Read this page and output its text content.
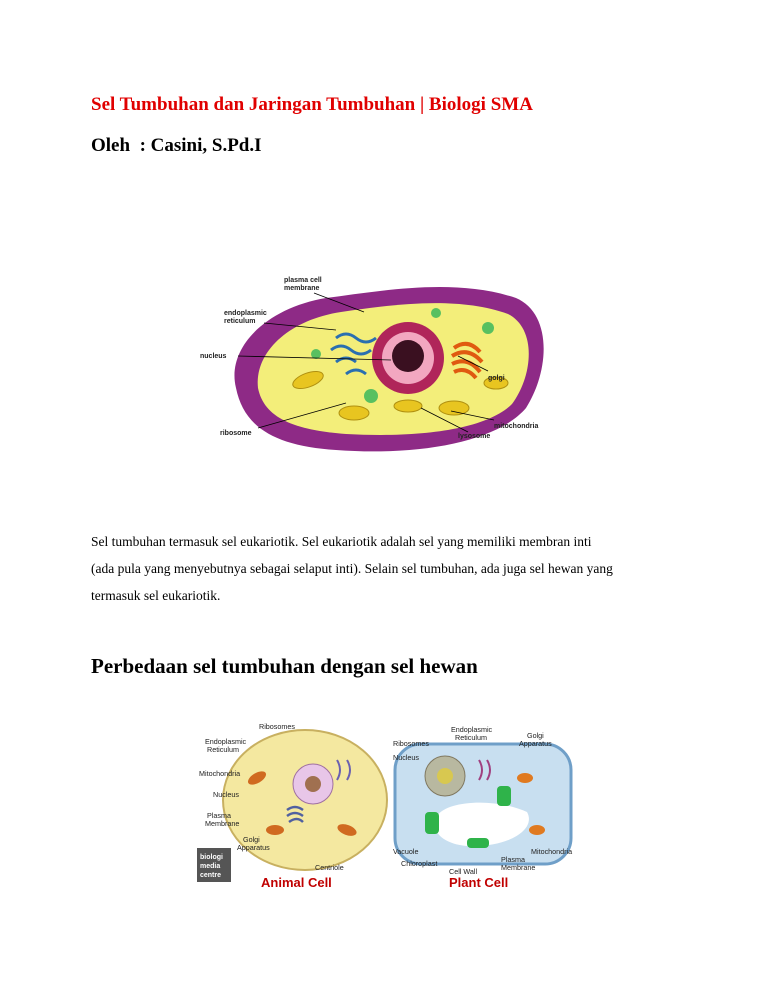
Sel Tumbuhan dan Jaringan Tumbuhan | Biologi SMA
Oleh : Casini, S.Pd.I
plasma cell
membrane
endoplasmic
reticulum
nucleus
ribosome
golgi
mitochondria
lysosome
Sel tumbuhan termasuk sel eukariotik. Sel eukariotik adalah sel yang memiliki membran inti
(ada pula yang menyebutnya sebagai selaput inti). Selain sel tumbuhan, ada juga sel hewan yang
termasuk sel eukariotik.
Perbedaan sel tumbuhan dengan sel hewan
biologi
media
centre
Ribosomes
Endoplasmic
Reticulum
Mitochondria
Nucleus
Plasma
Membrane
Golgi
Apparatus
Centriole
Animal Cell
Ribosomes
Endoplasmic
Reticulum	Golgi
Apparatus
Nucleus
Vacuole
Chloroplast
Cell Wall
Mitochondria
Plasma
Membrane
Plant Cell
